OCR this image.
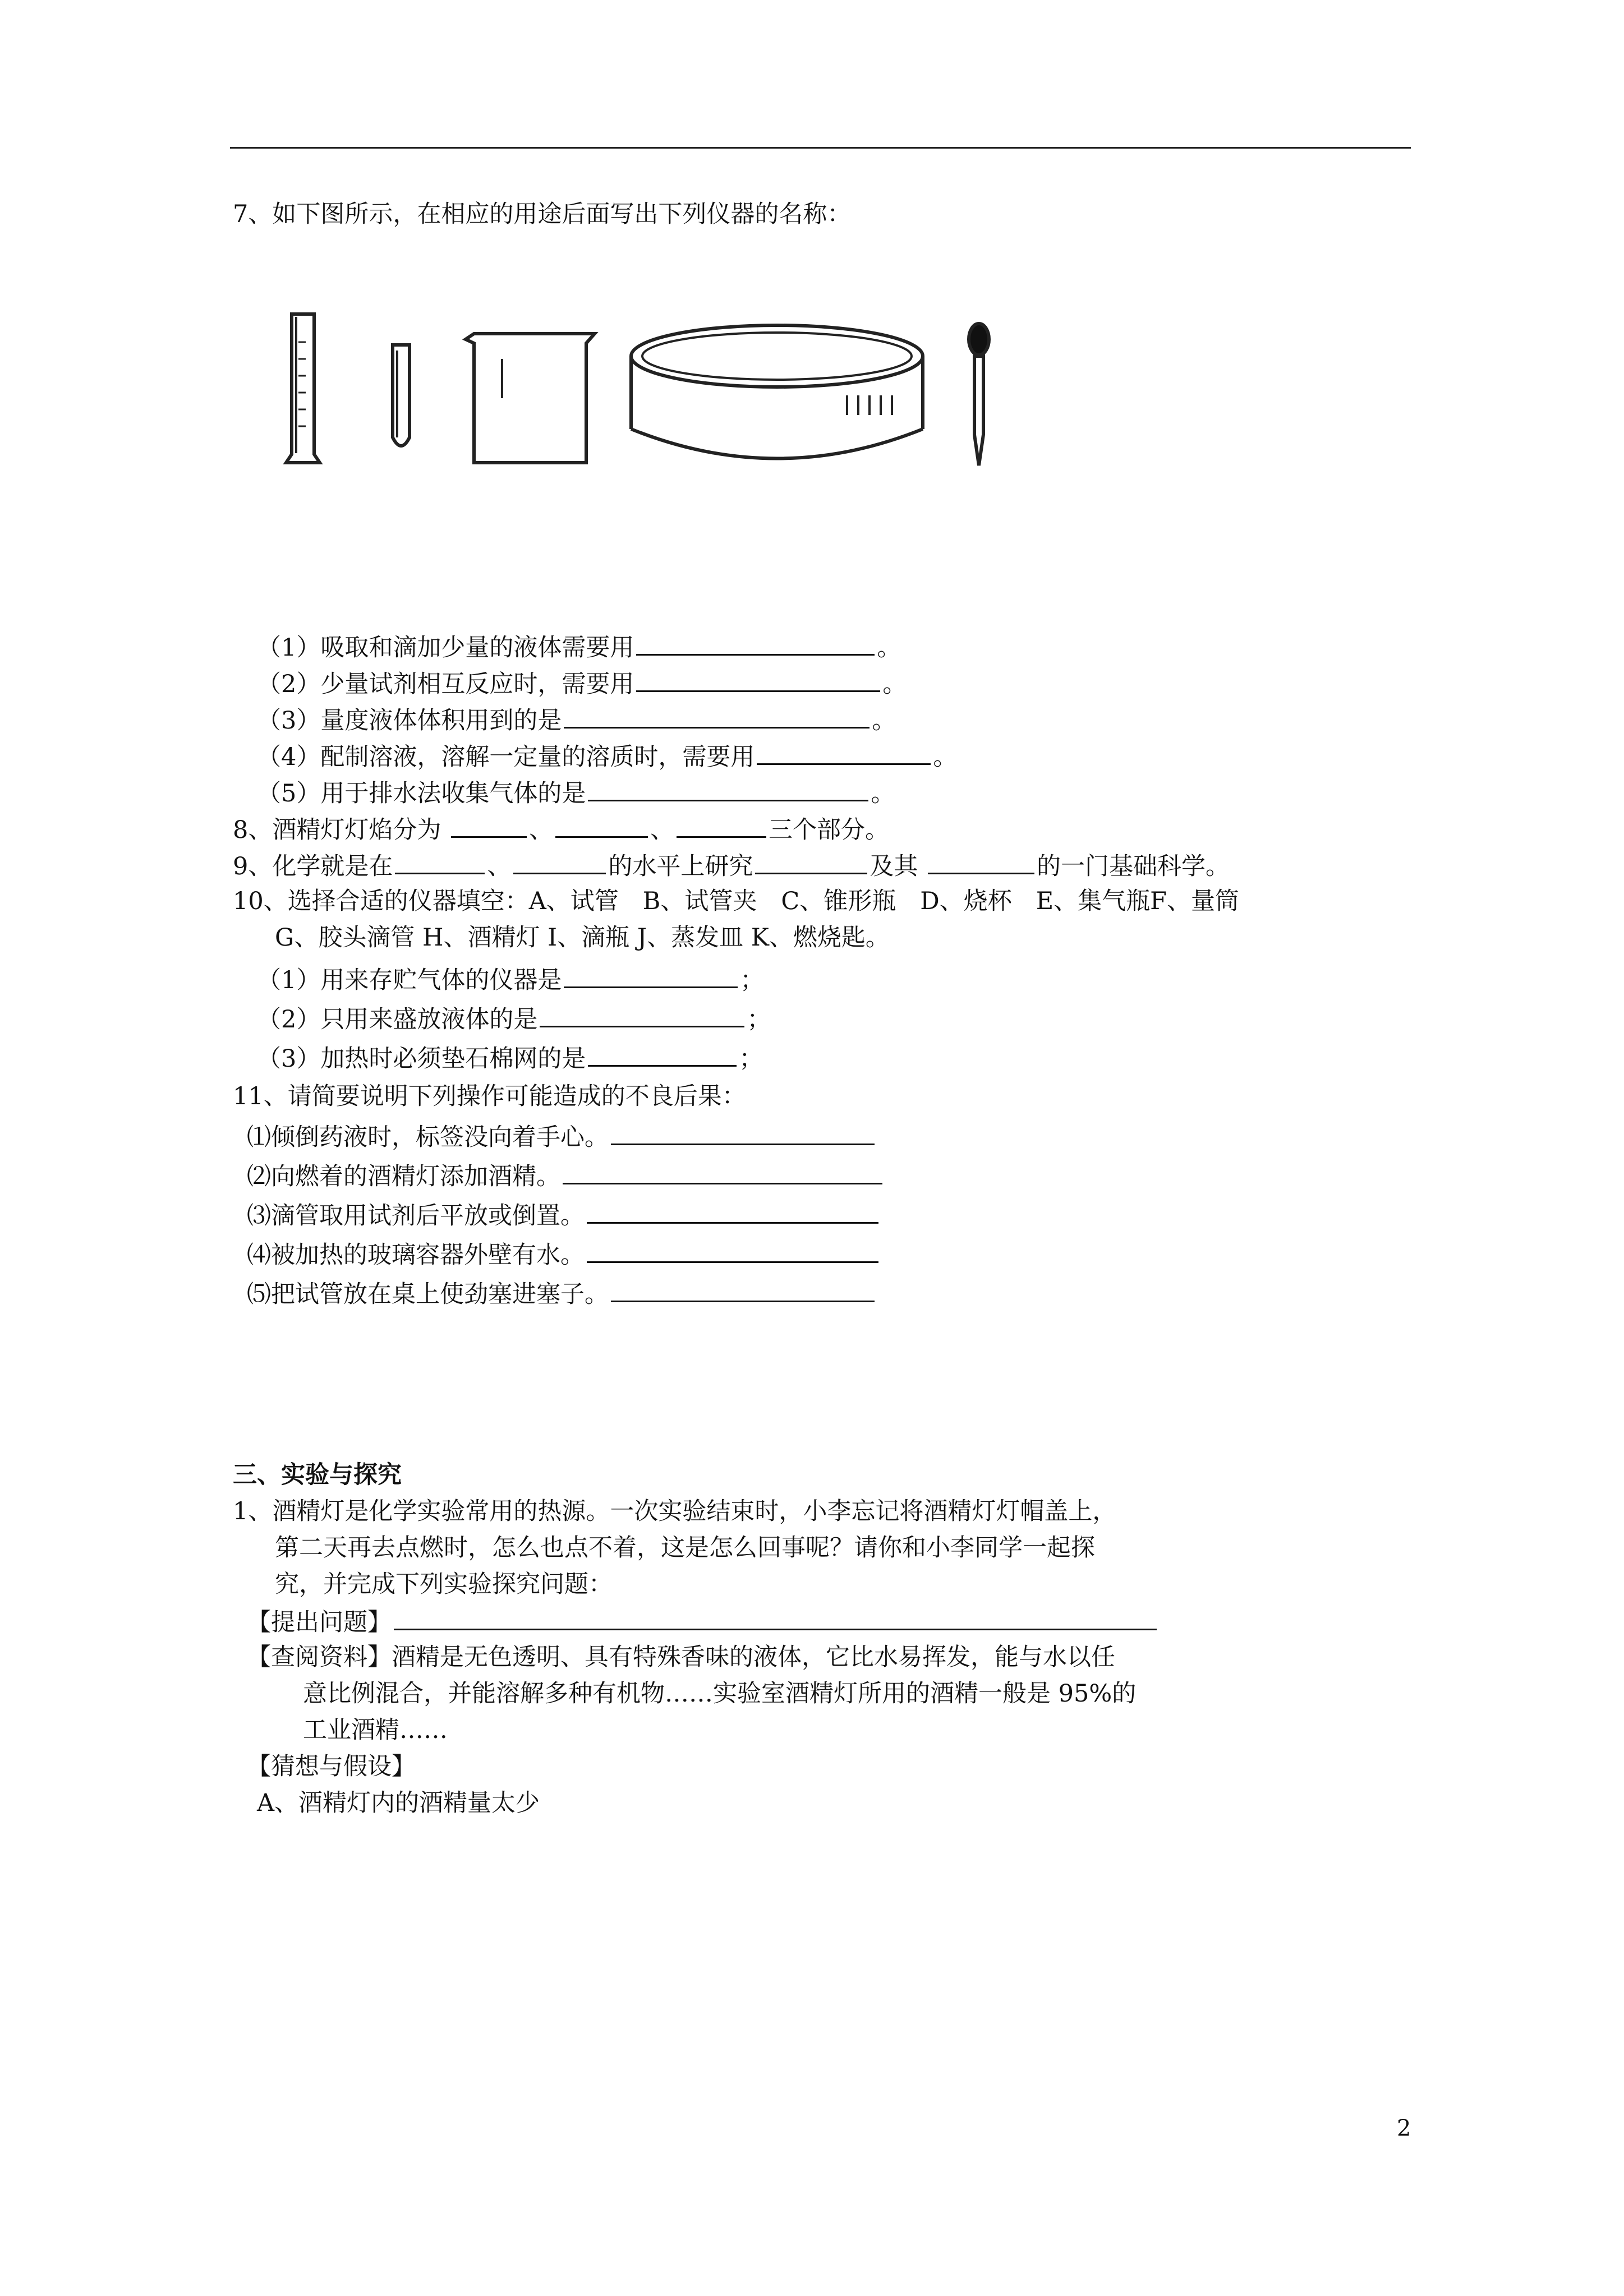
7、如下图所示，在相应的用途后面写出下列仪器的名称：
（1）吸取和滴加少量的液体需要用	。
（2）少量试剂相互反应时，需要用	。
（3）量度液体体积用到的是	。
（4）配制溶液，溶解一定量的溶质时，需要用	。
（5）用于排水法收集气体的是	。
8、酒精灯灯焰分为	、	、	三个部分。
9、化学就是在	、	的水平上研究	及其	的一门基础科学。
10、选择合适的仪器填空：A、试管　B、试管夹　C、锥形瓶　D、烧杯　E、集气瓶F、量筒
G、胶头滴管 H、酒精灯 I、滴瓶 J、蒸发皿 K、燃烧匙。
（1）用来存贮气体的仪器是	；
（2）只用来盛放液体的是	；
（3）加热时必须垫石棉网的是	；
11、请简要说明下列操作可能造成的不良后果：
⑴倾倒药液时，标签没向着手心。
⑵向燃着的酒精灯添加酒精。
⑶滴管取用试剂后平放或倒置。
⑷被加热的玻璃容器外壁有水。
⑸把试管放在桌上使劲塞进塞子。
三、实验与探究
1、酒精灯是化学实验常用的热源。一次实验结束时，小李忘记将酒精灯灯帽盖上，
第二天再去点燃时，怎么也点不着，这是怎么回事呢？请你和小李同学一起探
究，并完成下列实验探究问题：
【提出问题】
【查阅资料】酒精是无色透明、具有特殊香味的液体，它比水易挥发，能与水以任
意比例混合，并能溶解多种有机物……实验室酒精灯所用的酒精一般是 95%的
工业酒精……
【猜想与假设】
A、酒精灯内的酒精量太少
2
